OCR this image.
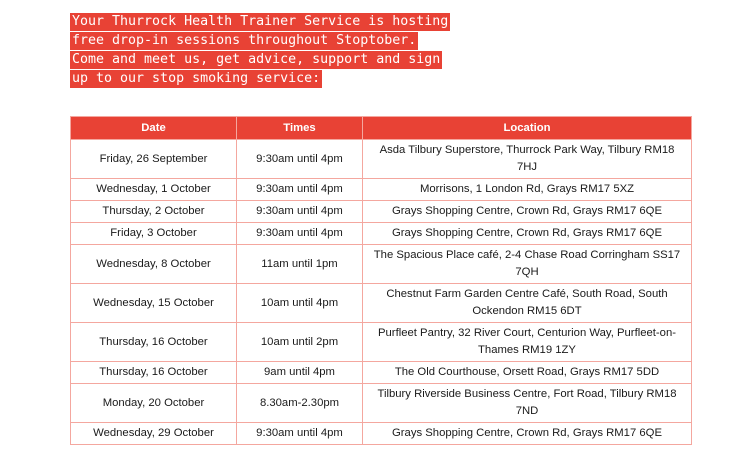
Your Thurrock Health Trainer Service is hosting
free drop-in sessions throughout Stoptober.
Come and meet us, get advice, support and sign
up to our stop smoking service:
Date	Times	Location
Friday, 26 September	9:30am until 4pm	Asda Tilbury Superstore, Thurrock Park Way, Tilbury RM18 7HJ
Wednesday, 1 October	9:30am until 4pm	Morrisons, 1 London Rd, Grays RM17 5XZ
Thursday, 2 October	9:30am until 4pm	Grays Shopping Centre, Crown Rd, Grays RM17 6QE
Friday, 3 October	9:30am until 4pm	Grays Shopping Centre, Crown Rd, Grays RM17 6QE
Wednesday, 8 October	11am until 1pm	The Spacious Place café, 2-4 Chase Road Corringham SS17 7QH
Wednesday, 15 October	10am until 4pm	Chestnut Farm Garden Centre Café, South Road, South Ockendon RM15 6DT
Thursday, 16 October	10am until 2pm	Purfleet Pantry, 32 River Court, Centurion Way, Purfleet-on-Thames RM19 1ZY
Thursday, 16 October	9am until 4pm	The Old Courthouse, Orsett Road, Grays RM17 5DD
Monday, 20 October	8.30am-2.30pm	Tilbury Riverside Business Centre, Fort Road, Tilbury RM18 7ND
Wednesday, 29 October	9:30am until 4pm	Grays Shopping Centre, Crown Rd, Grays RM17 6QE
